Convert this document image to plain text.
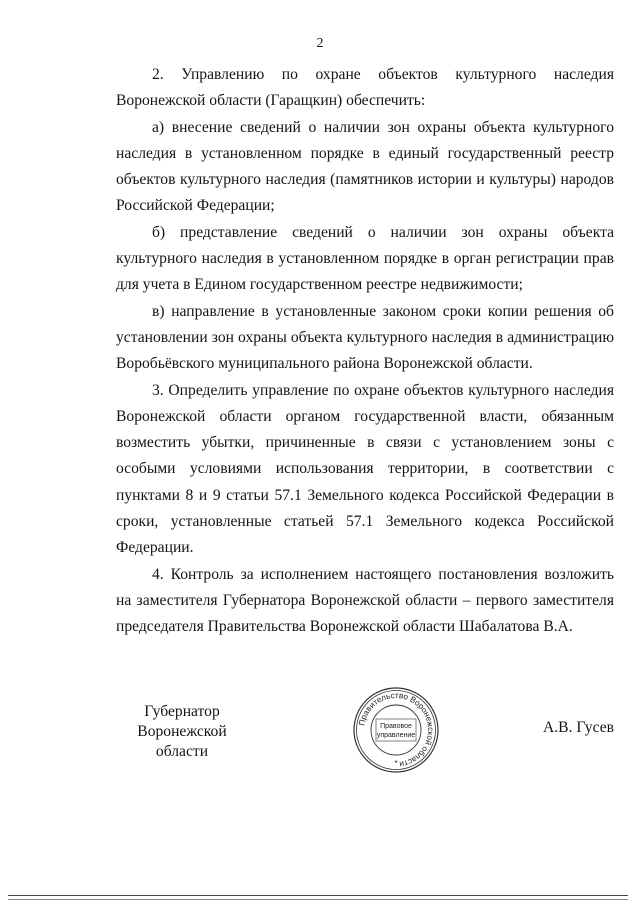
2

2. Управлению по охране объектов культурного наследия Воронежской области (Гаращкин) обеспечить:

а) внесение сведений о наличии зон охраны объекта культурного наследия в установленном порядке в единый государственный реестр объектов культурного наследия (памятников истории и культуры) народов Российской Федерации;

б) представление сведений о наличии зон охраны объекта культурного наследия в установленном порядке в орган регистрации прав для учета в Едином государственном реестре недвижимости;

в) направление в установленные законом сроки копии решения об установлении зон охраны объекта культурного наследия в администрацию Воробьёвского муниципального района Воронежской области.

3. Определить управление по охране объектов культурного наследия Воронежской области органом государственной власти, обязанным возместить убытки, причиненные в связи с установлением зоны с особыми условиями использования территории, в соответствии с пунктами 8 и 9 статьи 57.1 Земельного кодекса Российской Федерации в сроки, установленные статьей 57.1 Земельного кодекса Российской Федерации.

4. Контроль за исполнением настоящего постановления возложить на заместителя Губернатора Воронежской области – первого заместителя председателя Правительства Воронежской области Шабалатова В.А.

Губернатор
Воронежской области
Правительство Воронежской области
Правовое
управление
*
А.В. Гусев
